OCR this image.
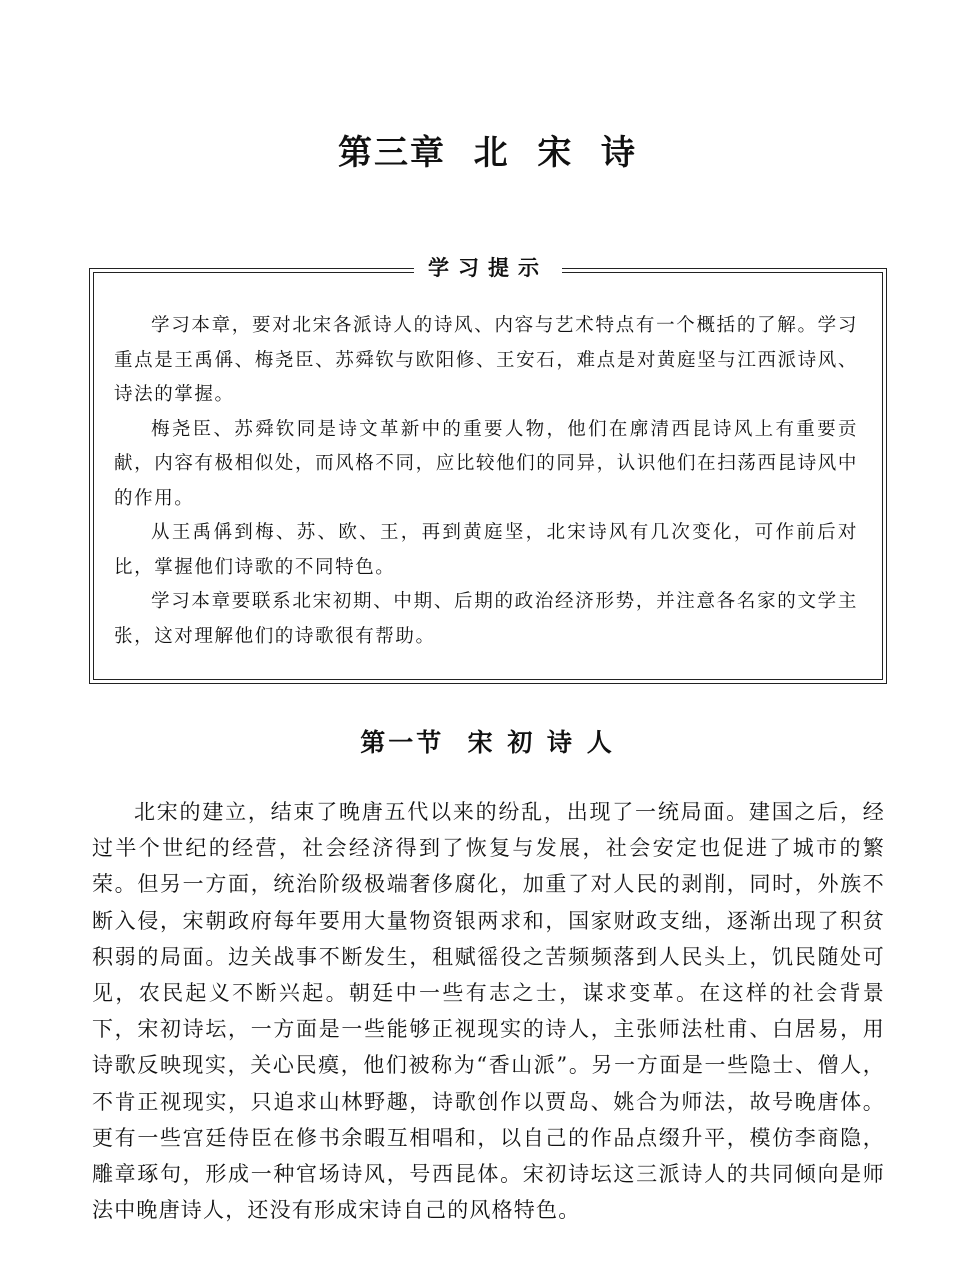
第三章  北  宋  诗
学习提示

学习本章，要对北宋各派诗人的诗风、内容与艺术特点有一个概括的了解。学习重点是王禹偁、梅尧臣、苏舜钦与欧阳修、王安石，难点是对黄庭坚与江西派诗风、诗法的掌握。

梅尧臣、苏舜钦同是诗文革新中的重要人物，他们在廓清西昆诗风上有重要贡献，内容有极相似处，而风格不同，应比较他们的同异，认识他们在扫荡西昆诗风中的作用。

从王禹偁到梅、苏、欧、王，再到黄庭坚，北宋诗风有几次变化，可作前后对比，掌握他们诗歌的不同特色。

学习本章要联系北宋初期、中期、后期的政治经济形势，并注意各名家的文学主张，这对理解他们的诗歌很有帮助。

第一节  宋 初 诗 人

北宋的建立，结束了晚唐五代以来的纷乱，出现了一统局面。建国之后，经过半个世纪的经营，社会经济得到了恢复与发展，社会安定也促进了城市的繁荣。但另一方面，统治阶级极端奢侈腐化，加重了对人民的剥削，同时，外族不断入侵，宋朝政府每年要用大量物资银两求和，国家财政支绌，逐渐出现了积贫积弱的局面。边关战事不断发生，租赋徭役之苦频频落到人民头上，饥民随处可见，农民起义不断兴起。朝廷中一些有志之士，谋求变革。在这样的社会背景下，宋初诗坛，一方面是一些能够正视现实的诗人，主张师法杜甫、白居易，用诗歌反映现实，关心民瘼，他们被称为“香山派”。另一方面是一些隐士、僧人，不肯正视现实，只追求山林野趣，诗歌创作以贾岛、姚合为师法，故号晚唐体。更有一些宫廷侍臣在修书余暇互相唱和，以自己的作品点缀升平，模仿李商隐，雕章琢句，形成一种官场诗风，号西昆体。宋初诗坛这三派诗人的共同倾向是师法中晚唐诗人，还没有形成宋诗自己的风格特色。
